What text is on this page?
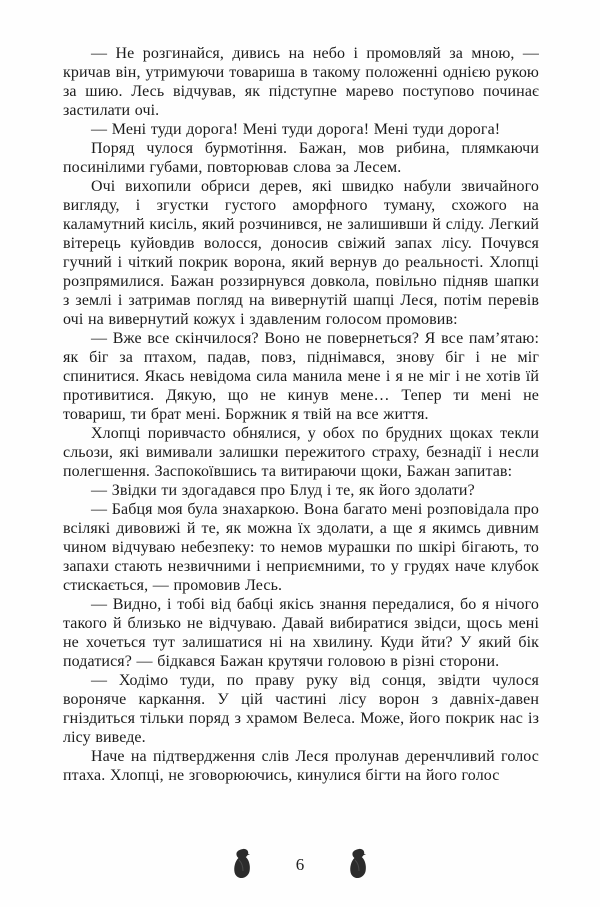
— Не розгинайся, дивись на небо і промовляй за мною, — кричав він, утримуючи товариша в такому положенні однією рукою за шию. Лесь відчував, як підступне марево поступово починає застилати очі.

— Мені туди дорога! Мені туди дорога! Мені туди дорога!

Поряд чулося бурмотіння. Бажан, мов рибина, плямкаючи посинілими губами, повторював слова за Лесем.

Очі вихопили обриси дерев, які швидко набули звичайного вигляду, і згустки густого аморфного туману, схожого на каламутний кисіль, який розчинився, не залишивши й сліду. Легкий вітерець куйовдив волосся, доносив свіжий запах лісу. Почувся гучний і чіткий покрик ворона, який вернув до реальності. Хлопці розпрямилися. Бажан роззирнувся довкола, повільно підняв шапки з землі і затримав погляд на вивернутій шапці Леся, потім перевів очі на вивернутий кожух і здавленим голосом промовив:

— Вже все скінчилося? Воно не повернеться? Я все пам’ятаю: як біг за птахом, падав, повз, піднімався, знову біг і не міг спинитися. Якась невідома сила манила мене і я не міг і не хотів їй противитися. Дякую, що не кинув мене… Тепер ти мені не товариш, ти брат мені. Боржник я твій на все життя.

Хлопці поривчасто обнялися, у обох по брудних щоках текли сльози, які вимивали залишки пережитого страху, безнадії і несли полегшення. Заспокоївшись та витираючи щоки, Бажан запитав:

— Звідки ти здогадався про Блуд і те, як його здолати?

— Бабця моя була знахаркою. Вона багато мені розповідала про всілякі дивовижі й те, як можна їх здолати, а ще я якимсь дивним чином відчуваю небезпеку: то немов мурашки по шкірі бігають, то запахи стають незвичними і неприємними, то у грудях наче клубок стискається, — промовив Лесь.

— Видно, і тобі від бабці якісь знання передалися, бо я нічого такого й близько не відчуваю. Давай вибиратися звідси, щось мені не хочеться тут залишатися ні на хвилину. Куди йти? У який бік податися? — бідкався Бажан крутячи головою в різні сторони.

— Ходімо туди, по праву руку від сонця, звідти чулося вороняче каркання. У цій частині лісу ворон з давніх-давен гніздиться тільки поряд з храмом Велеса. Може, його покрик нас із лісу виведе.

Наче на підтвердження слів Леся пролунав деренчливий голос птаха. Хлопці, не зговорюючись, кинулися бігти на його голос

6
